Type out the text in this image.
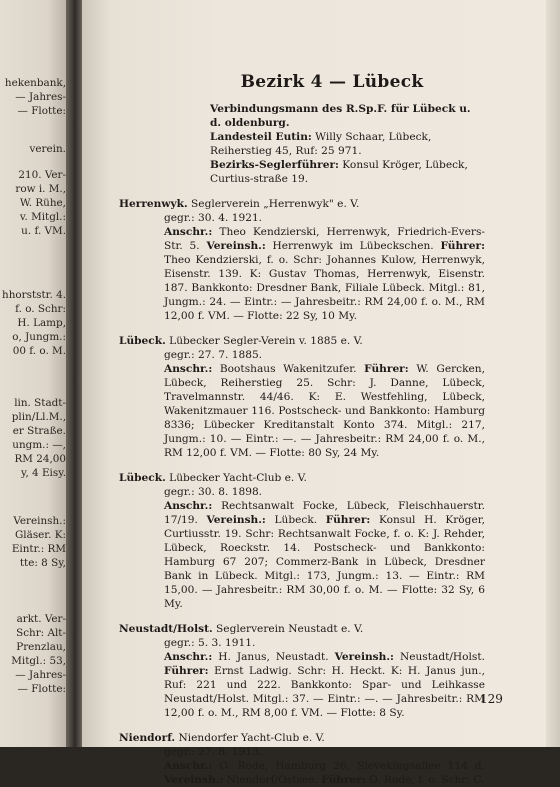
hekenbank,
— Jahres-
— Flotte:
verein.
210. Ver-
row i. M.,
W. Rühe,
v. Mitgl.:
u. f. VM.
hhorststr. 4.
f. o. Schr:
H. Lamp,
o, Jungm.:
00 f. o. M.
lin. Stadt-
plin/Ll.M.,
er Straße.
ungm.: —,
RM 24,00
y, 4 Eisy.
Vereinsh.:
Gläser. K:
Eintr.: RM
tte: 8 Sy,
arkt. Ver-
Schr: Alt-
Prenzlau,
Mitgl.: 53,
— Jahres-
— Flotte:
Bezirk 4 — Lübeck
Verbindungsmann des R.Sp.F. für Lübeck u. d. oldenburg.
Landesteil Eutin: Willy Schaar, Lübeck, Reiherstieg 45, Ruf: 25 971.
Bezirks-Seglerführer: Konsul Kröger, Lübeck, Curtius-straße 19.
Herrenwyk. Seglerverein „Herrenwyk" e. V.
gegr.: 30. 4. 1921.
Anschr.: Theo Kendzierski, Herrenwyk, Friedrich-Evers-Str. 5. Vereinsh.: Herrenwyk im Lübeckschen. Führer: Theo Kendzierski, f. o. Schr: Johannes Kulow, Herrenwyk, Eisenstr. 139. K: Gustav Thomas, Herrenwyk, Eisenstr. 187. Bankkonto: Dresdner Bank, Filiale Lübeck. Mitgl.: 81, Jungm.: 24. — Eintr.: — Jahresbeitr.: RM 24,00 f. o. M., RM 12,00 f. VM. — Flotte: 22 Sy, 10 My.
Lübeck. Lübecker Segler-Verein v. 1885 e. V.
gegr.: 27. 7. 1885.
Anschr.: Bootshaus Wakenitzufer. Führer: W. Gercken, Lübeck, Reiherstieg 25. Schr: J. Danne, Lübeck, Travelmannstr. 44/46. K: E. Westfehling, Lübeck, Wakenitzmauer 116. Postscheck- und Bankkonto: Hamburg 8336; Lübecker Kreditanstalt Konto 374. Mitgl.: 217, Jungm.: 10. — Eintr.: —. — Jahresbeitr.: RM 24,00 f. o. M., RM 12,00 f. VM. — Flotte: 80 Sy, 24 My.
Lübeck. Lübecker Yacht-Club e. V.
gegr.: 30. 8. 1898.
Anschr.: Rechtsanwalt Focke, Lübeck, Fleischhauerstr. 17/19. Vereinsh.: Lübeck. Führer: Konsul H. Kröger, Curtiusstr. 19. Schr: Rechtsanwalt Focke, f. o. K: J. Rehder, Lübeck, Roeckstr. 14. Postscheck- und Bankkonto: Hamburg 67 207; Commerz-Bank in Lübeck, Dresdner Bank in Lübeck. Mitgl.: 173, Jungm.: 13. — Eintr.: RM 15,00. — Jahresbeitr.: RM 30,00 f. o. M. — Flotte: 32 Sy, 6 My.
Neustadt/Holst. Seglerverein Neustadt e. V.
gegr.: 5. 3. 1911.
Anschr.: H. Janus, Neustadt. Vereinsh.: Neustadt/Holst. Führer: Ernst Ladwig. Schr: H. Heckt. K: H. Janus jun., Ruf: 221 und 222. Bankkonto: Spar- und Leihkasse Neustadt/Holst. Mitgl.: 37. — Eintr.: —. — Jahresbeitr.: RM 12,00 f. o. M., RM 8,00 f. VM. — Flotte: 8 Sy.
Niendorf. Niendorfer Yacht-Club e. V.
gegr.: 27. 8. 1913.
Anschr.: O. Rode, Hamburg 26, Sievekingsallee 114 d. Vereinsh.: Niendorf/Ostsee. Führer: O. Rode, f. o. Schr: C.
129
